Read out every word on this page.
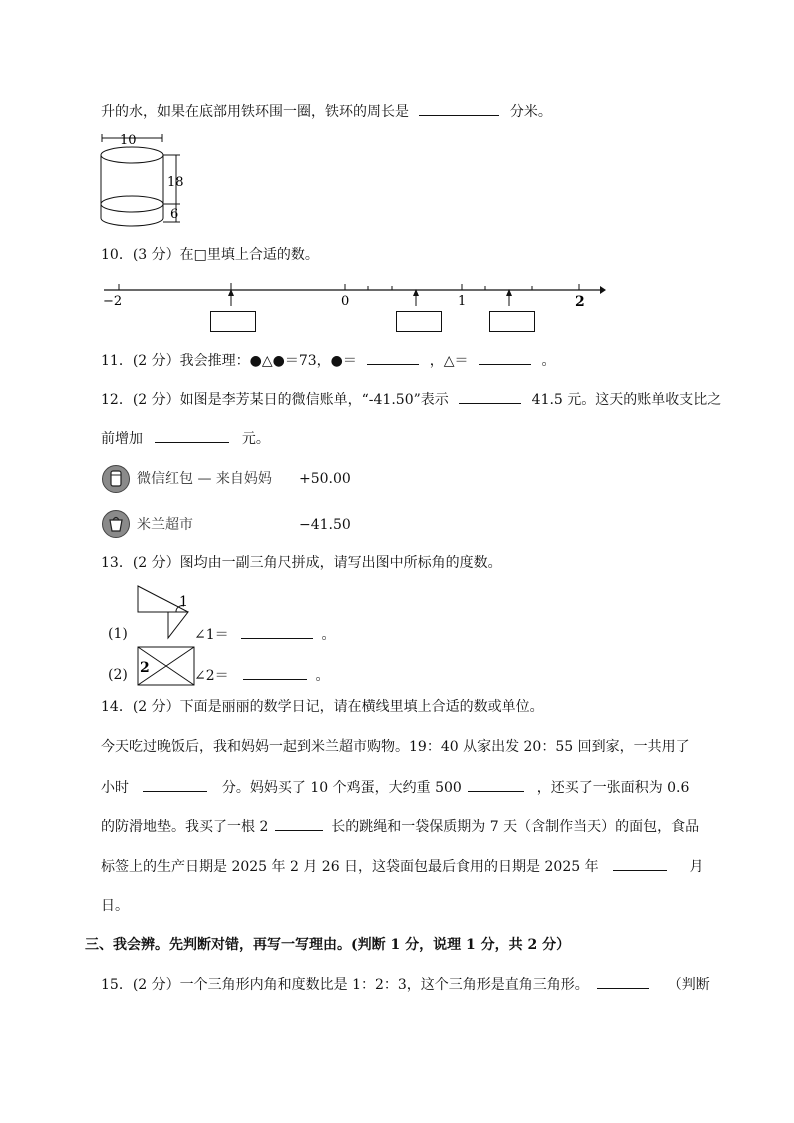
升的水，如果在底部用铁环围一圈，铁环的周长是	分米。
10
18
6
10．(3 分）在□里填上合适的数。
−2	0	1	2
11．(2 分）我会推理：●△●＝73，●＝	，△＝	。
12．(2 分）如图是李芳某日的微信账单，“-41.50”表示	41.5 元。这天的账单收支比之
前增加	元。
微信红包 — 来自妈妈 +50.00
米兰超市	−41.50
13．(2 分）图均由一副三角尺拼成，请写出图中所标角的度数。
1
(1)	∠1＝	。
2
(2)	∠2＝	。
14．(2 分）下面是丽丽的数学日记，请在横线里填上合适的数或单位。
今天吃过晚饭后，我和妈妈一起到米兰超市购物。19：40 从家出发 20：55 回到家，一共用了
小时	分。妈妈买了 10 个鸡蛋，大约重 500	，还买了一张面积为 0.6
的防滑地垫。我买了一根 2	长的跳绳和一袋保质期为 7 天（含制作当天）的面包，食品
标签上的生产日期是 2025 年 2 月 26 日，这袋面包最后食用的日期是 2025 年	月
日。
三、我会辨。先判断对错，再写一写理由。(判断 1 分，说理 1 分，共 2 分）
15．(2 分）一个三角形内角和度数比是 1：2：3，这个三角形是直角三角形。	（判断
